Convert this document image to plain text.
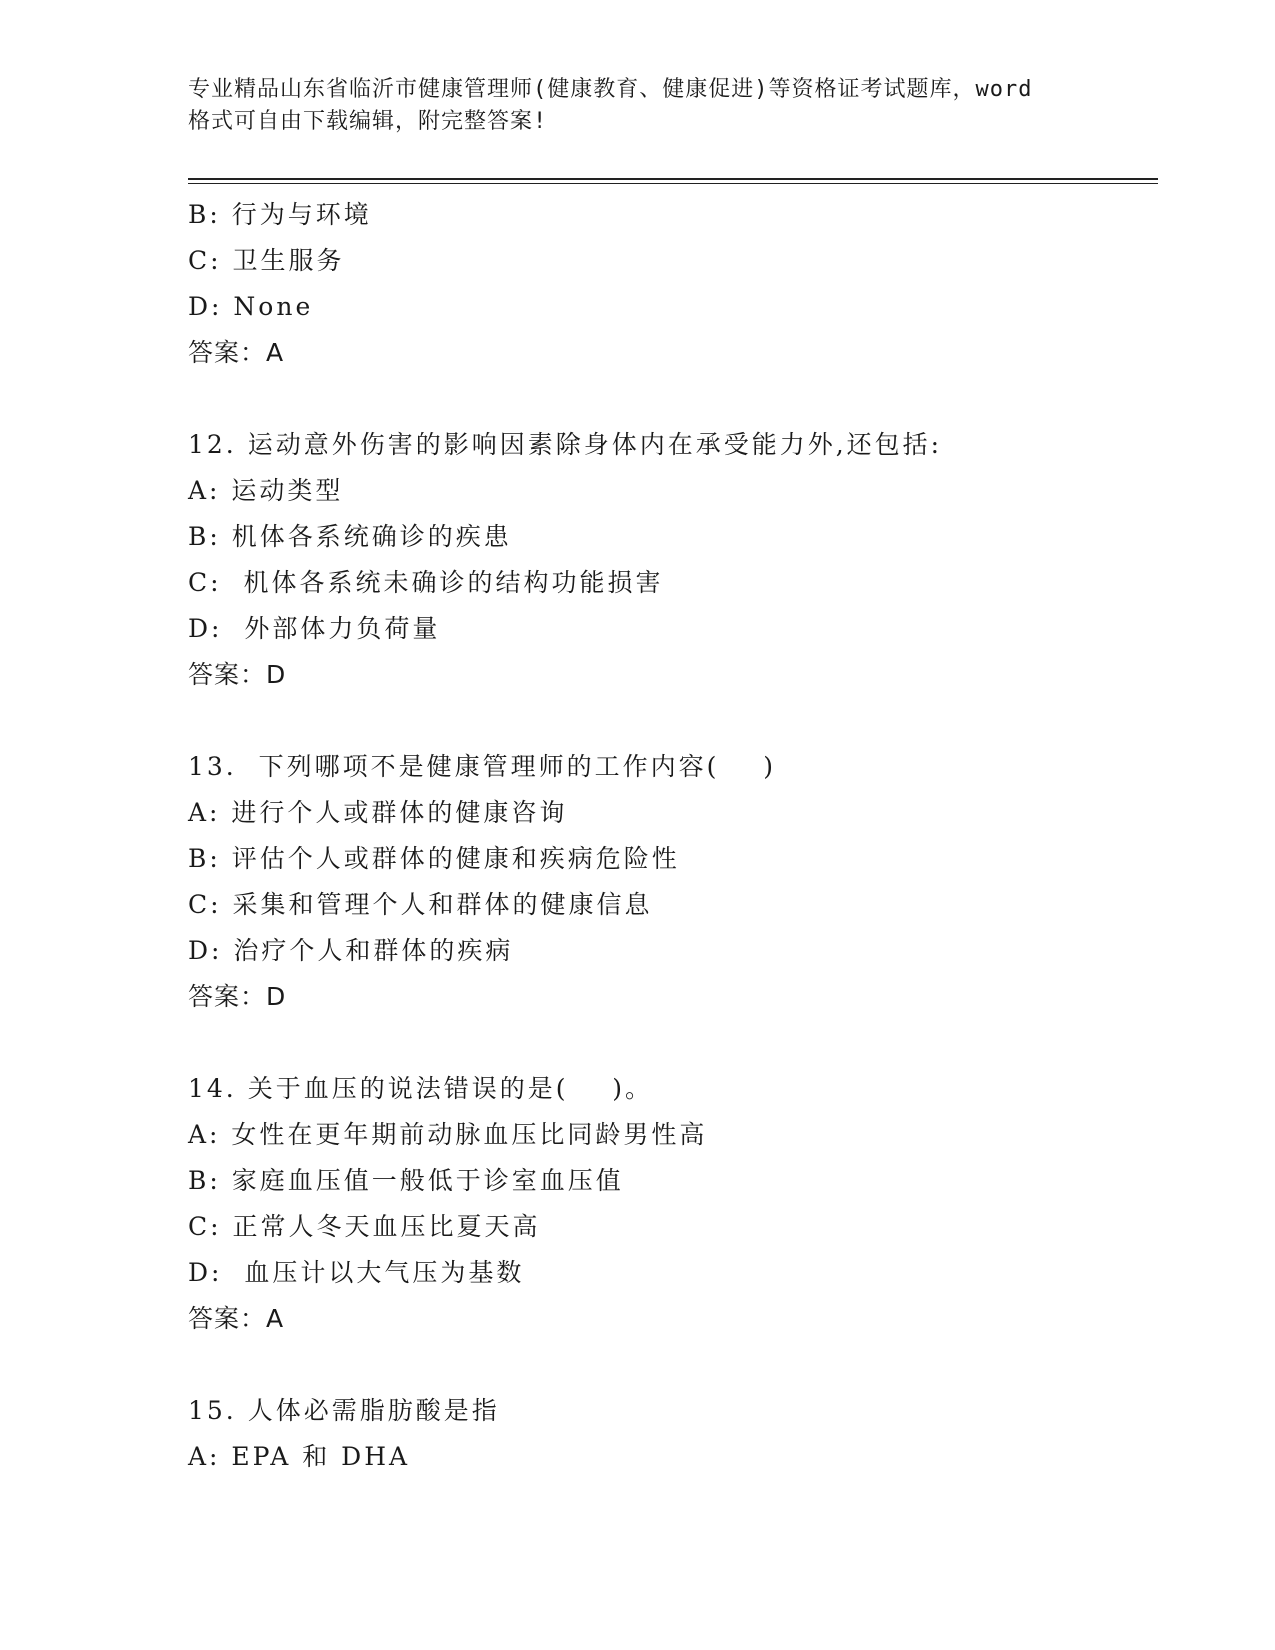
专业精品山东省临沂市健康管理师(健康教育、健康促进)等资格证考试题库，word
格式可自由下载编辑，附完整答案!
B: 行为与环境
C: 卫生服务
D: None
答案：A
12. 运动意外伤害的影响因素除身体内在承受能力外,还包括:
A: 运动类型
B: 机体各系统确诊的疾患
C:  机体各系统未确诊的结构功能损害
D:  外部体力负荷量
答案：D
13.  下列哪项不是健康管理师的工作内容(    )
A: 进行个人或群体的健康咨询
B: 评估个人或群体的健康和疾病危险性
C: 采集和管理个人和群体的健康信息
D: 治疗个人和群体的疾病
答案：D
14. 关于血压的说法错误的是(    )。
A: 女性在更年期前动脉血压比同龄男性高
B: 家庭血压值一般低于诊室血压值
C: 正常人冬天血压比夏天高
D:  血压计以大气压为基数
答案：A
15. 人体必需脂肪酸是指
A: EPA 和 DHA
